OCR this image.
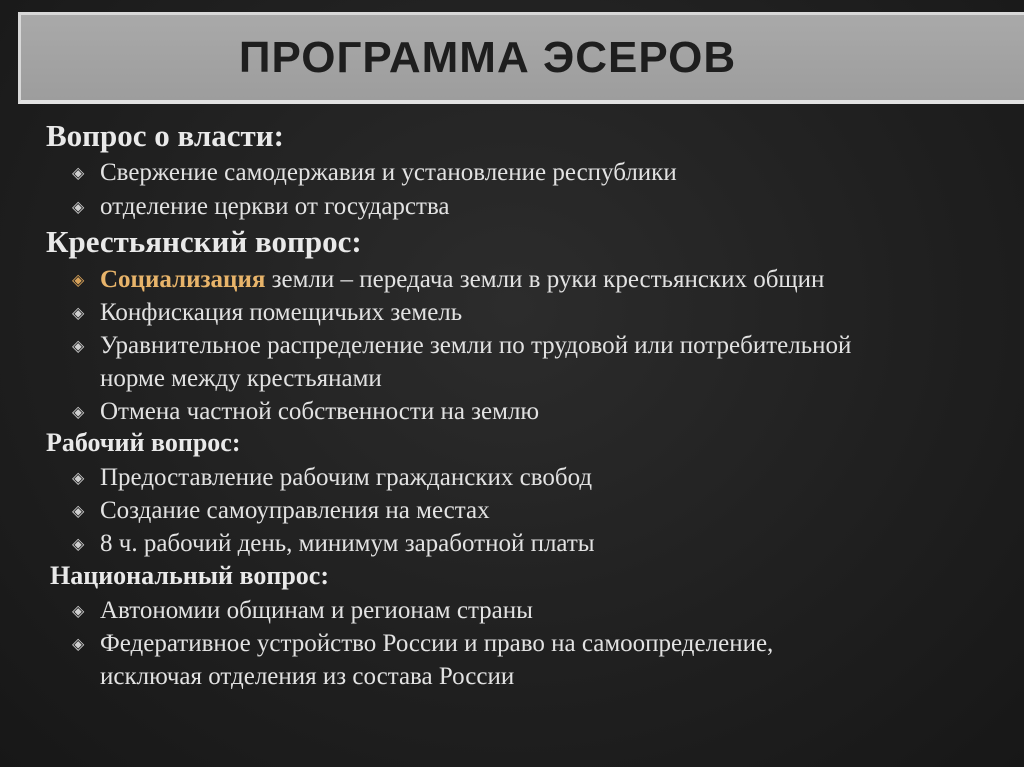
ПРОГРАММА ЭСЕРОВ
Вопрос о власти:
◈ Свержение самодержавия и установление республики
◈ отделение церкви от государства
Крестьянский вопрос:
◈ Социализация земли – передача земли в руки крестьянских общин
◈ Конфискация помещичьих земель
◈ Уравнительное распределение земли по трудовой или потребительной
норме между крестьянами
◈ Отмена частной собственности на землю
Рабочий вопрос:
◈ Предоставление рабочим гражданских свобод
◈ Создание самоуправления на местах
◈ 8 ч. рабочий день, минимум заработной платы
Национальный вопрос:
◈ Автономии общинам и регионам страны
◈ Федеративное устройство России и право на самоопределение,
исключая отделения из состава России
